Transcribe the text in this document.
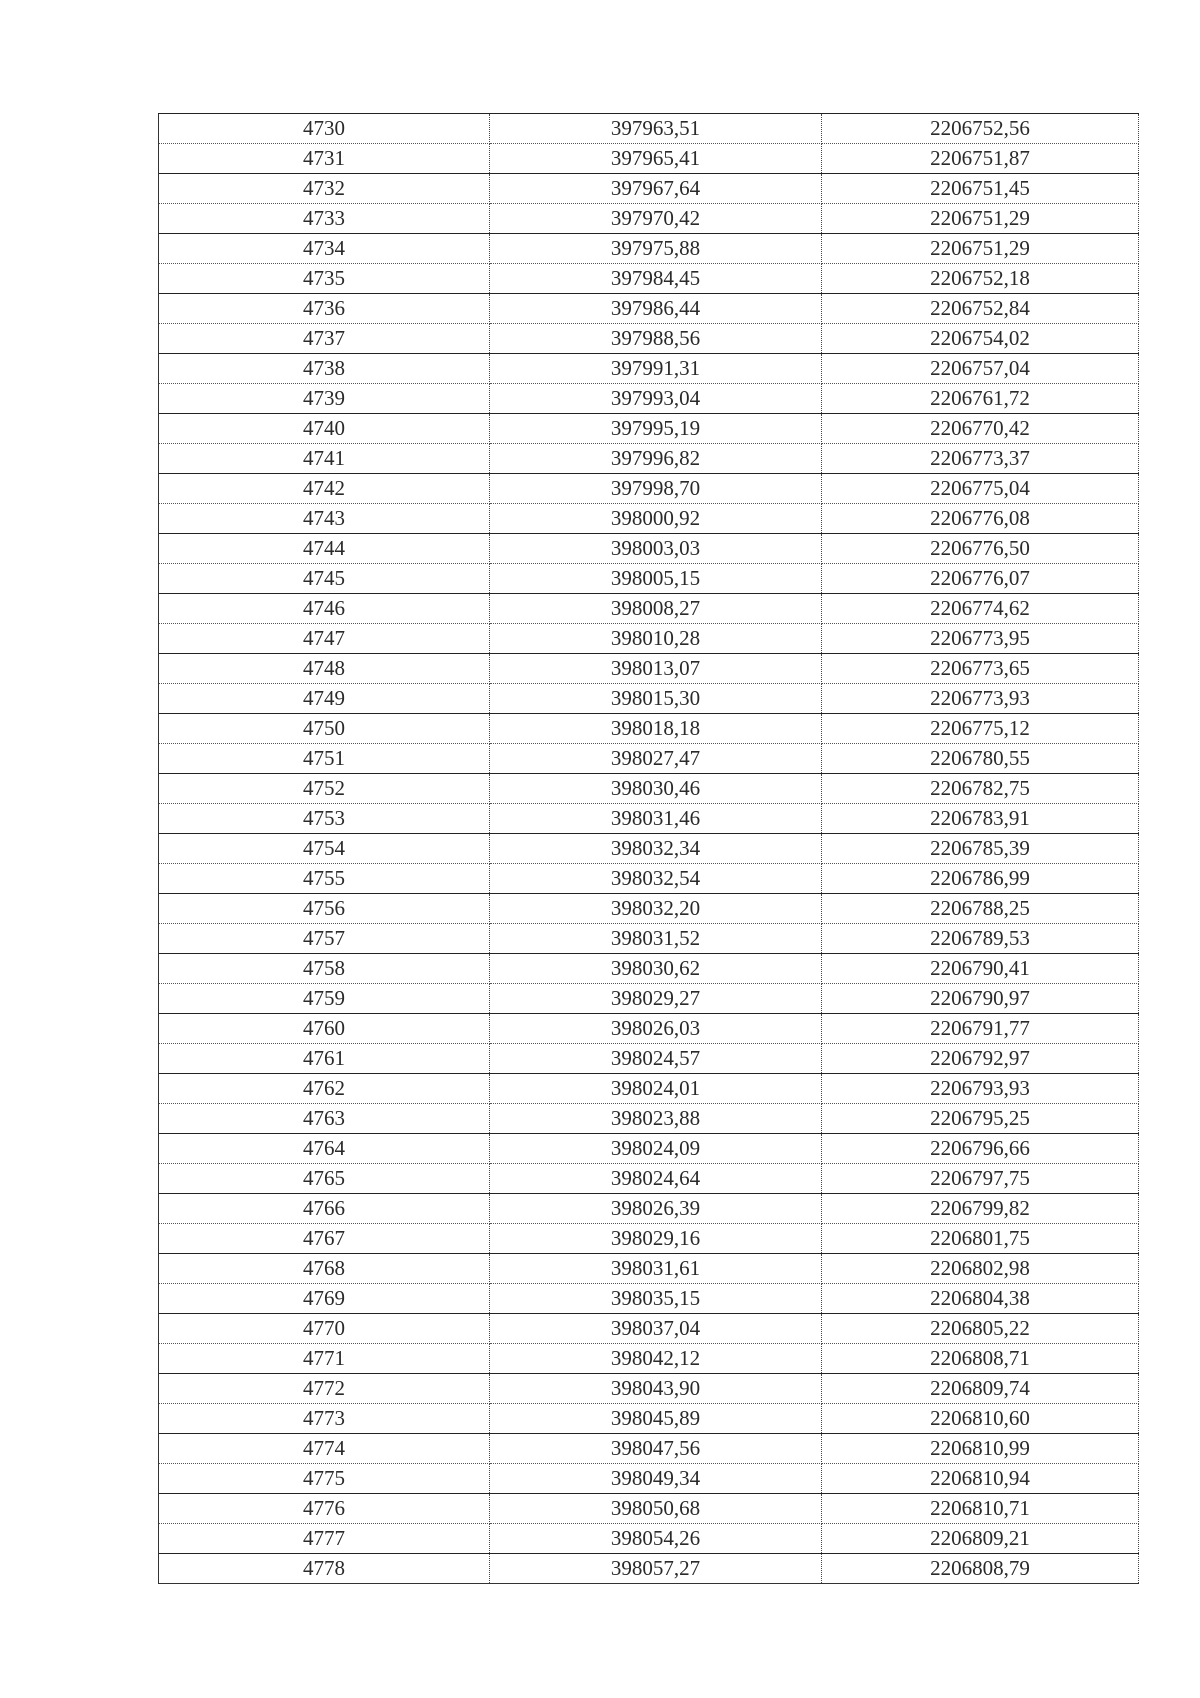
4730	397963,51	2206752,56
4731	397965,41	2206751,87
4732	397967,64	2206751,45
4733	397970,42	2206751,29
4734	397975,88	2206751,29
4735	397984,45	2206752,18
4736	397986,44	2206752,84
4737	397988,56	2206754,02
4738	397991,31	2206757,04
4739	397993,04	2206761,72
4740	397995,19	2206770,42
4741	397996,82	2206773,37
4742	397998,70	2206775,04
4743	398000,92	2206776,08
4744	398003,03	2206776,50
4745	398005,15	2206776,07
4746	398008,27	2206774,62
4747	398010,28	2206773,95
4748	398013,07	2206773,65
4749	398015,30	2206773,93
4750	398018,18	2206775,12
4751	398027,47	2206780,55
4752	398030,46	2206782,75
4753	398031,46	2206783,91
4754	398032,34	2206785,39
4755	398032,54	2206786,99
4756	398032,20	2206788,25
4757	398031,52	2206789,53
4758	398030,62	2206790,41
4759	398029,27	2206790,97
4760	398026,03	2206791,77
4761	398024,57	2206792,97
4762	398024,01	2206793,93
4763	398023,88	2206795,25
4764	398024,09	2206796,66
4765	398024,64	2206797,75
4766	398026,39	2206799,82
4767	398029,16	2206801,75
4768	398031,61	2206802,98
4769	398035,15	2206804,38
4770	398037,04	2206805,22
4771	398042,12	2206808,71
4772	398043,90	2206809,74
4773	398045,89	2206810,60
4774	398047,56	2206810,99
4775	398049,34	2206810,94
4776	398050,68	2206810,71
4777	398054,26	2206809,21
4778	398057,27	2206808,79
